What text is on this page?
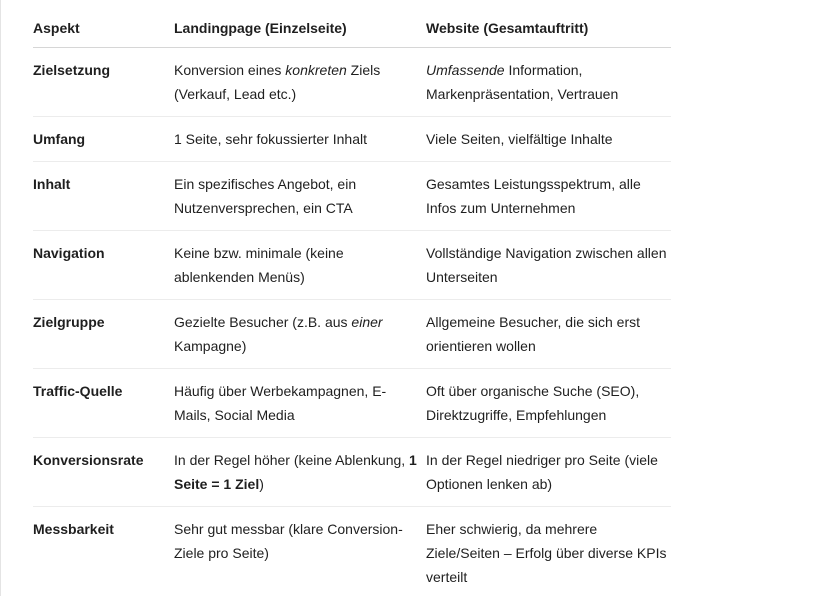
Aspekt	Landingpage (Einzelseite)	Website (Gesamtauftritt)
Zielsetzung	Konversion eines konkreten Ziels (Verkauf, Lead etc.)	Umfassende Information, Markenpräsentation, Vertrauen
Umfang	1 Seite, sehr fokussierter Inhalt	Viele Seiten, vielfältige Inhalte
Inhalt	Ein spezifisches Angebot, ein Nutzenversprechen, ein CTA	Gesamtes Leistungsspektrum, alle Infos zum Unternehmen
Navigation	Keine bzw. minimale (keine ablenkenden Menüs)	Vollständige Navigation zwischen allen Unterseiten
Zielgruppe	Gezielte Besucher (z.B. aus einer Kampagne)	Allgemeine Besucher, die sich erst orientieren wollen
Traffic-Quelle	Häufig über Werbekampagnen, E-Mails, Social Media	Oft über organische Suche (SEO), Direktzugriffe, Empfehlungen
Konversionsrate	In der Regel höher (keine Ablenkung, 1 Seite = 1 Ziel)	In der Regel niedriger pro Seite (viele Optionen lenken ab)
Messbarkeit	Sehr gut messbar (klare Conversion-Ziele pro Seite)	Eher schwierig, da mehrere Ziele/Seiten – Erfolg über diverse KPIs verteilt
